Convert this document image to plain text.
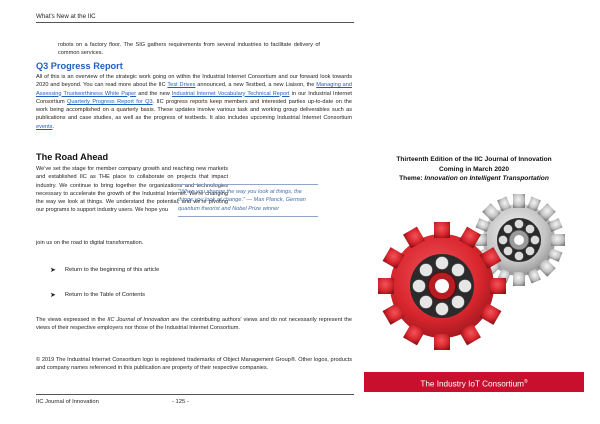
What's New at the IIC

robots on a factory floor. The SIG gathers requirements from several industries to facilitate delivery of common services.

Q3 Progress Report

All of this is an overview of the strategic work going on within the Industrial Internet Consortium and our forward look towards 2020 and beyond. You can read more about the IIC Test Drives announced, a new Testbed, a new Liaison, the Managing and Assessing Trustworthiness White Paper and the new Industrial Internet Vocabulary Technical Report in our Industrial Internet Consortium Quarterly Progress Report for Q3. IIC progress reports keep members and interested parties up-to-date on the work being accomplished on a quarterly basis. These updates involve various task and working group deliverables such as publications and case studies, as well as the progress of testbeds. It also includes upcoming Industrial Internet Consortium events.

The Road Ahead

We've set the stage for member company growth and reaching new markets and established IIC as THE place to collaborate on projects that impact industry. We continue to bring together the organizations and technologies necessary to accelerate the growth of the Industrial Internet. We're changing the way we look at things. We understand the potential, and we're pivoting our programs to support industry users. We hope you

join us on the road to digital transformation.

"When you change the way you look at things, the things you look at change." — Max Planck, German quantum theorist and Nobel Prize winner
➤ Return to the beginning of this article
➤ Return to the Table of Contents

The views expressed in the IIC Journal of Innovation are the contributing authors' views and do not necessarily represent the views of their respective employers nor those of the Industrial Internet Consortium.

© 2019 The Industrial Internet Consortium logo is registered trademarks of Object Management Group®. Other logos, products and company names referenced in this publication are property of their respective companies.

IIC Journal of Innovation	- 125 -
Thirteenth Edition of the IIC Journal of Innovation
Coming in March 2020
Theme: Innovation on Intelligent Transportation
The Industry IoT Consortium®
